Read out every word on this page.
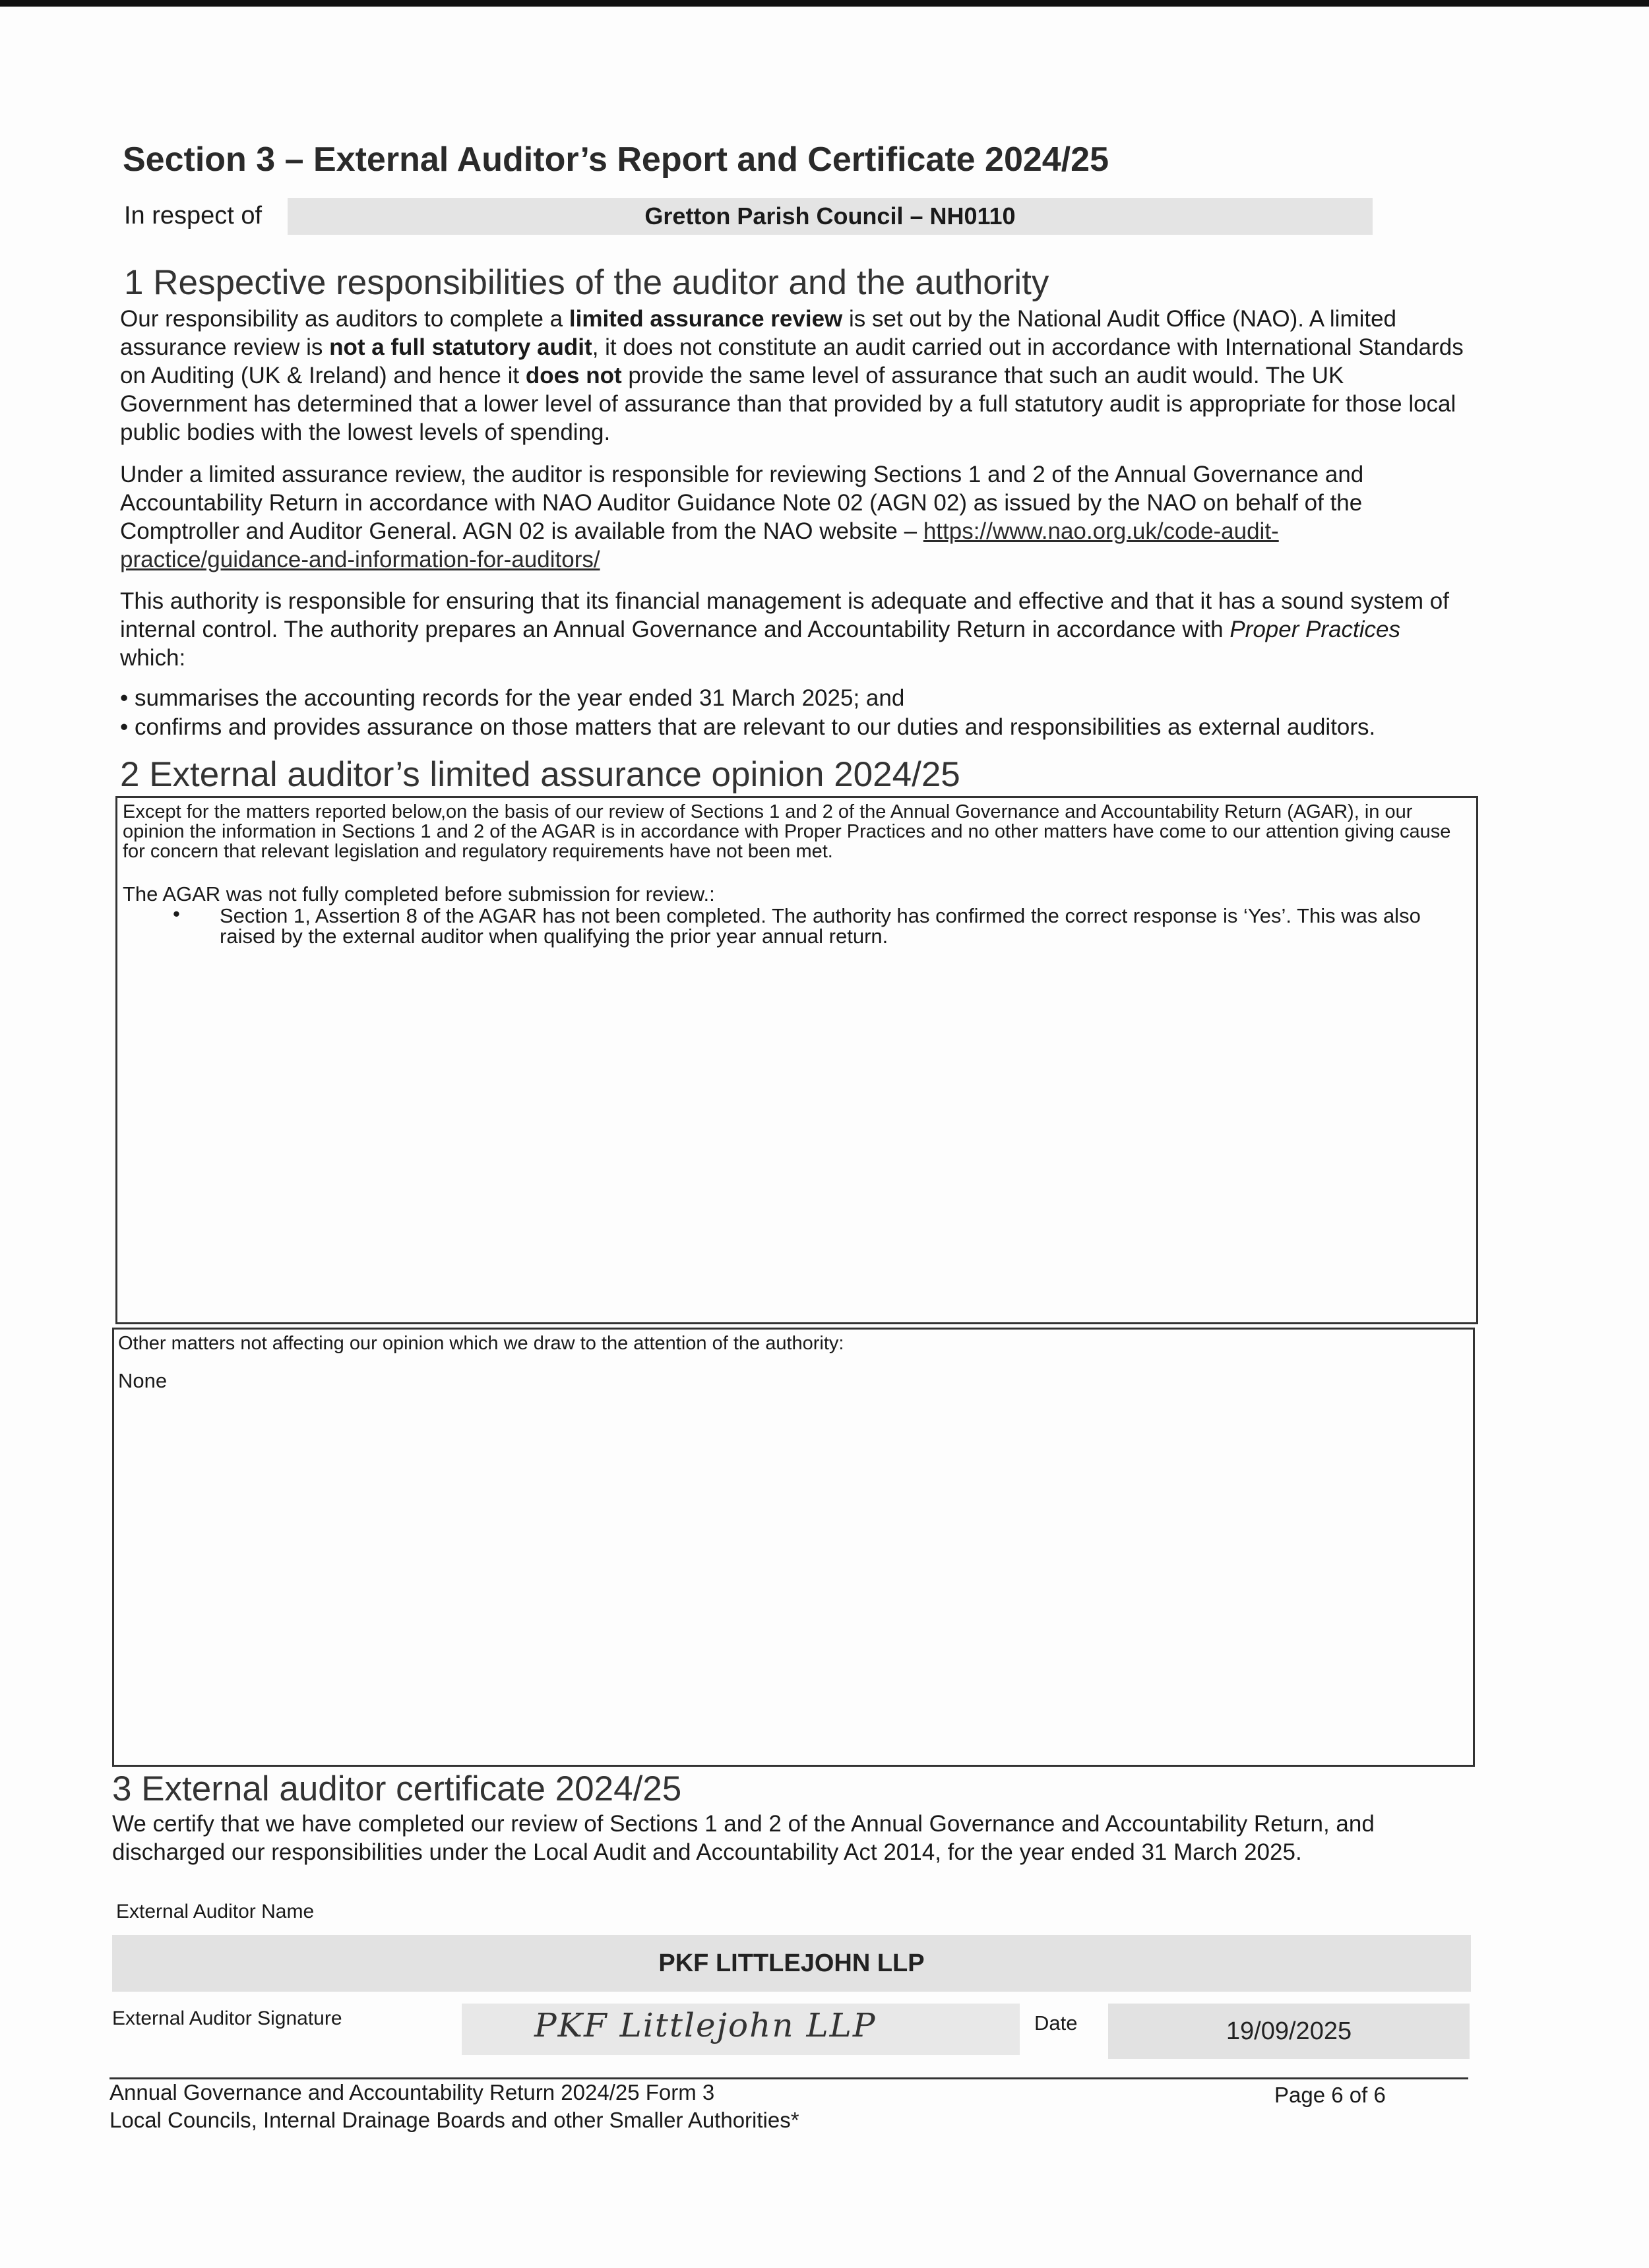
Section 3 – External Auditor’s Report and Certificate 2024/25
In respect of	Gretton Parish Council – NH0110
1 Respective responsibilities of the auditor and the authority
Our responsibility as auditors to complete a limited assurance review is set out by the National Audit Office (NAO). A limited assurance review is not a full statutory audit, it does not constitute an audit carried out in accordance with International Standards on Auditing (UK & Ireland) and hence it does not provide the same level of assurance that such an audit would. The UK Government has determined that a lower level of assurance than that provided by a full statutory audit is appropriate for those local public bodies with the lowest levels of spending.
Under a limited assurance review, the auditor is responsible for reviewing Sections 1 and 2 of the Annual Governance and Accountability Return in accordance with NAO Auditor Guidance Note 02 (AGN 02) as issued by the NAO on behalf of the Comptroller and Auditor General. AGN 02 is available from the NAO website – https://www.nao.org.uk/code-audit-practice/guidance-and-information-for-auditors/
This authority is responsible for ensuring that its financial management is adequate and effective and that it has a sound system of internal control. The authority prepares an Annual Governance and Accountability Return in accordance with Proper Practices which:
• summarises the accounting records for the year ended 31 March 2025; and
• confirms and provides assurance on those matters that are relevant to our duties and responsibilities as external auditors.
2 External auditor’s limited assurance opinion 2024/25
Except for the matters reported below,on the basis of our review of Sections 1 and 2 of the Annual Governance and Accountability Return (AGAR), in our opinion the information in Sections 1 and 2 of the AGAR is in accordance with Proper Practices and no other matters have come to our attention giving cause for concern that relevant legislation and regulatory requirements have not been met.
The AGAR was not fully completed before submission for review.:
• Section 1, Assertion 8 of the AGAR has not been completed. The authority has confirmed the correct response is ‘Yes’. This was also raised by the external auditor when qualifying the prior year annual return.
Other matters not affecting our opinion which we draw to the attention of the authority:
None
3 External auditor certificate 2024/25
We certify that we have completed our review of Sections 1 and 2 of the Annual Governance and Accountability Return, and discharged our responsibilities under the Local Audit and Accountability Act 2014, for the year ended 31 March 2025.
External Auditor Name
PKF LITTLEJOHN LLP
External Auditor Signature	PKF Littlejohn LLP	Date	19/09/2025
Annual Governance and Accountability Return 2024/25 Form 3
Local Councils, Internal Drainage Boards and other Smaller Authorities*
Page 6 of 6
